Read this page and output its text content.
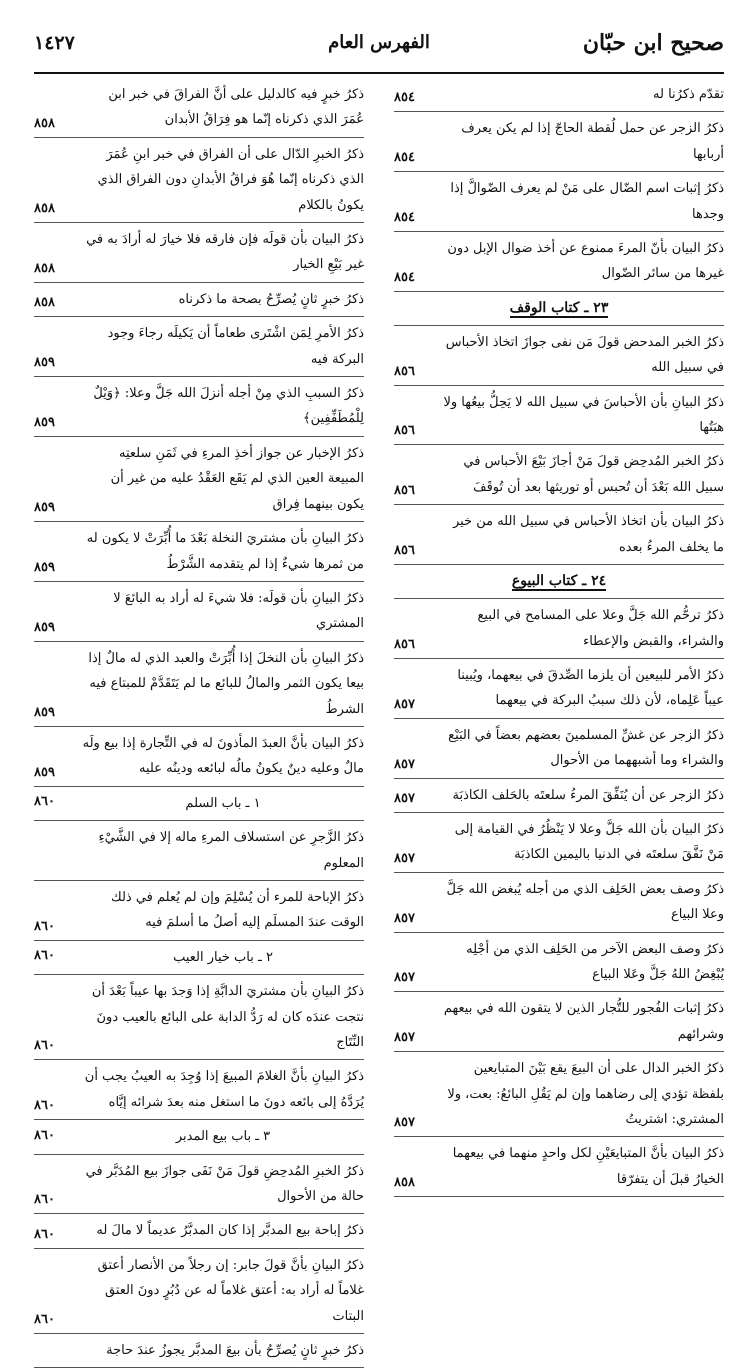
صحيح ابن حبّان
الفهرس العام
١٤٢٧
تقدّم ذكرُنا له
٨٥٤
ذكرُ الزجر عن حمل لُقطة الحاجّ إذا لم يكن يعرف أربابها
٨٥٤
ذكرُ إثبات اسم الضّال على مَنْ لم يعرف الضّوالَّ إذا وجدها
٨٥٤
ذكرُ البيان بأنّ المرءَ ممنوع عن أخذ ضوال الإبل دون غيرها من سائر الضّوال
٨٥٤
٢٣ ـ كتاب الوقف
ذكرُ الخبر المدحض قولَ مَن نفى جوازَ اتخاذ الأحباس في سبيل الله
٨٥٦
ذكرُ البيانِ بأن الأحباسَ في سبيل الله لا يَحِلُّ بيعُها ولا هبَتُها
٨٥٦
ذكرُ الخبر المُدحِض قولَ مَنْ أجازَ بَيْعَ الأحباس في سبيل الله بَعْدَ أن تُحبس أو توريثها بعد أن تُوقَفَ
٨٥٦
ذكرُ البيان بأن اتخاذ الأحباس في سبيل الله من خير ما يخلف المرءُ بعده
٨٥٦
٢٤ ـ كتاب البيوع
ذكرُ ترحُّم الله جَلَّ وعلا على المسامح في البيع والشراء، والقبض والإعطاء
٨٥٦
ذكرُ الأمر للبيعين أن يلزما الصِّدقَ في بيعهما، ويُبينا عيباً عَلِماه، لأن ذلك سببُ البركة في بيعهما
٨٥٧
ذكرُ الزجر عن غشِّ المسلمينَ بعضهم بعضاً في البَيْع والشراء وما أشبههما من الأحوال
٨٥٧
ذكرُ الزجر عن أن يُنَفِّقَ المرءُ سلعتَه بالحَلف الكاذبَة
٨٥٧
ذكرُ البيان بأن الله جَلَّ وعلا لا يَنْظُرُ في القيامة إلى مَنْ نَفَّقَ سلعتَه في الدنيا باليمين الكاذبَة
٨٥٧
ذكرُ وصف بعض الحَلِف الذي من أجله يُبغض الله جَلَّ وعلا البياع
٨٥٧
ذكرُ وصف البعض الآخر من الحَلِف الذي من أجْلِه يُبْغِضُ اللهُ جَلَّ وعَلا البياع
٨٥٧
ذكرُ إثبات الفُجور للتُّجار الذين لا يتقون الله في بيعهم وشرائهم
٨٥٧
ذكرُ الخبر الدال على أن البيعَ يقع بَيْنَ المتبايعين بلفظة تؤدي إلى رضاهما وإن لم يَقُلِ البائعُ: بعت، ولا المشتري: اشتريتُ
٨٥٧
ذكرُ البيان بأنَّ المتبايعَيْنِ لكل واحدٍ منهما في بيعهما الخيارُ قبلَ أن يتفرّقا
٨٥٨
ذكرُ خبرٍ فيه كالدليل على أنَّ الفراقَ في خبر ابن عُمَرَ الذي ذكرناه إنّما هو فِرَاقُ الأبدان
٨٥٨
ذكرُ الخبرِ الدّال على أن الفراق في خبر ابنِ عُمَرَ الذي ذكرناه إنّما هُوَ فراقُ الأبدانِ دون الفراق الذي يكونُ بالكلام
٨٥٨
ذكرُ البيان بأن قولَه فإن فارقه فلا خيارَ له أرادَ به في غير بَيْعِ الخيار
٨٥٨
ذكرُ خبرٍ ثانٍ يُصرِّحُ بصحة ما ذكرناه
٨٥٨
ذكرُ الأمرِ لِمَن اشْتَرى طعاماً أن يَكيلَه رجاءَ وجود البركة فيه
٨٥٩
ذكرُ السببِ الذي مِنْ أجله أنزلَ الله جَلَّ وعلا: ﴿وَيْلٌ لِلْمُطَفِّفِين﴾
٨٥٩
ذكرُ الإخبار عن جواز أخذِ المرءِ في ثَمَنِ سلعتِه المبيعة العين الذي لم يَقَع العَقْدُ عليه من غير أن يكون بينهما فِراق
٨٥٩
ذكرُ البيانِ بأن مشتريَ النخلة بَعْدَ ما أُبِّرَتْ لا يكون له من ثمرها شيءٌ إذا لم يتقدمه الشَّرْطُ
٨٥٩
ذكرُ البيانِ بأن قولَه: فلا شيءَ له أراد به البائعَ لا المشتري
٨٥٩
ذكرُ البيانِ بأن النخلَ إذا أُبِّرَتْ والعبد الذي له مالٌ إذا بيعا يكون الثمر والمالُ للبائع ما لم يَتَقَدَّمْ للمبتاع فيه الشرطُ
٨٥٩
ذكرُ البيان بأنَّ العبدَ المأذونَ له في التِّجارة إذا بيع ولَه مالٌ وعليه دينٌ يكونُ مالُه لبائعه ودينُه عليه
٨٥٩
١ ـ باب السلم
٨٦٠
ذكرُ الزَّجرِ عن استسلاف المرءِ ماله إلا في الشَّيْءِ المعلوم
ذكرُ الإباحة للمرء أن يُسْلِمَ وإن لم يُعلم في ذلك الوقت عندَ المسلَم إليه أصلُ ما أسلمَ فيه
٨٦٠
٢ ـ باب خيار العيب
٨٦٠
ذكرُ البيانِ بأن مشتريَ الدابَّةِ إذا وَجدَ بها عيباً بَعْدَ أن نتجت عندَه كان له رَدُّ الدابة على البائع بالعيب دونَ النِّتَاج
٨٦٠
ذكرُ البيانِ بأنَّ الغلامَ المبيعَ إذا وُجِدَ به العيبُ يجب أن يُرَدَّهُ إلى بائعه دونَ ما استغل منه بعدَ شرائه إيَّاه
٨٦٠
٣ ـ باب بيع المدبر
٨٦٠
ذكرُ الخبرِ المُدحِضِ قولَ مَنْ نَفَى جوازَ بيع المُدَبَّر في حالة من الأحوال
٨٦٠
ذكرُ إباحة بيع المدبَّر إذا كان المدبَّرُ عديماً لا مالَ له
٨٦٠
ذكرُ البيانِ بأنَّ قولَ جابر: إن رجلاً من الأنصار أعتق غلاماً له أراد به: أعتق غلاماً له عن دُبُرٍ دونَ العتق البتات
٨٦٠
ذكرُ خبرٍ ثانٍ يُصرِّحُ بأن بيعَ المدبَّر يجوزُ عندَ حاجة
